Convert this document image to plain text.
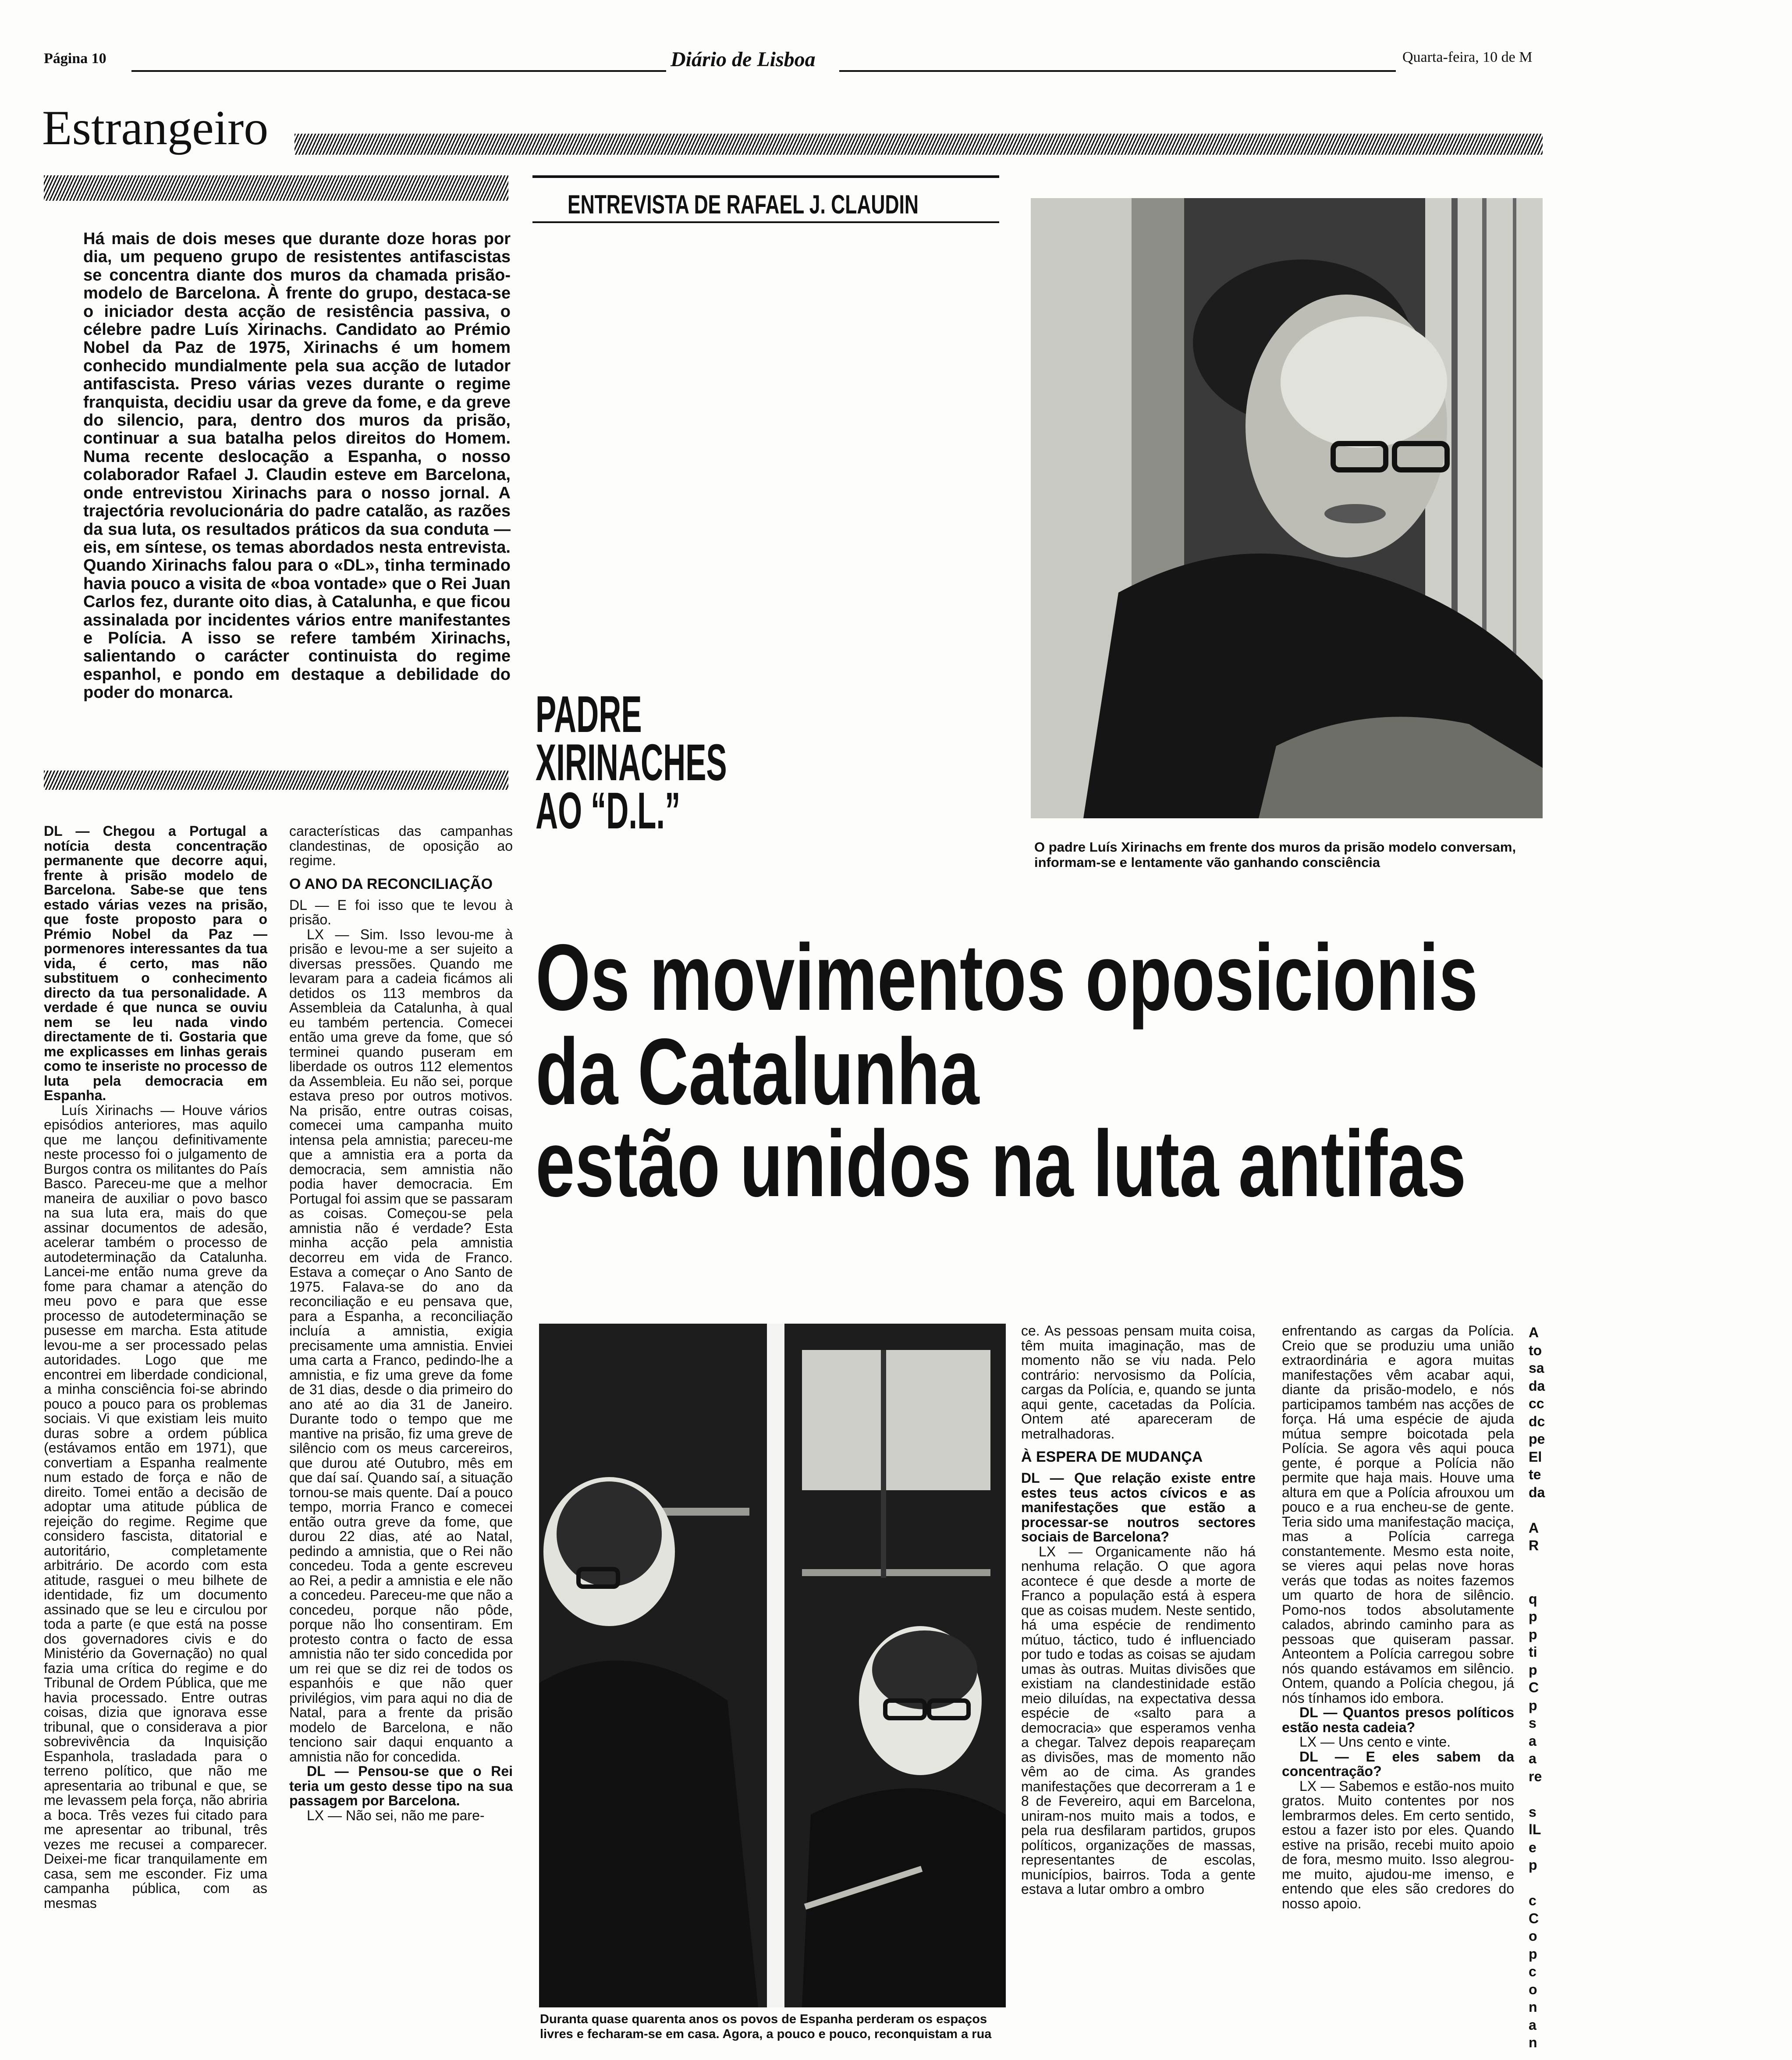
Página 10	Diário de Lisboa	Quarta-feira, 10 de M
Estrangeiro
Há mais de dois meses que durante doze horas por dia, um pequeno grupo de resistentes antifascistas se concentra diante dos muros da chamada prisão-modelo de Barcelona. À frente do grupo, destaca-se o iniciador desta acção de resistência passiva, o célebre padre Luís Xirinachs. Candidato ao Prémio Nobel da Paz de 1975, Xirinachs é um homem conhecido mundialmente pela sua acção de lutador antifascista. Preso várias vezes durante o regime franquista, decidiu usar da greve da fome, e da greve do silencio, para, dentro dos muros da prisão, continuar a sua batalha pelos direitos do Homem. Numa recente deslocação a Espanha, o nosso colaborador Rafael J. Claudin esteve em Barcelona, onde entrevistou Xirinachs para o nosso jornal. A trajectória revolucionária do padre catalão, as razões da sua luta, os resultados práticos da sua conduta — eis, em síntese, os temas abordados nesta entrevista. Quando Xirinachs falou para o «DL», tinha terminado havia pouco a visita de «boa vontade» que o Rei Juan Carlos fez, durante oito dias, à Catalunha, e que ficou assinalada por incidentes vários entre manifestantes e Polícia. A isso se refere também Xirinachs, salientando o carácter continuista do regime espanhol, e pondo em destaque a debilidade do poder do monarca.
ENTREVISTA DE RAFAEL J. CLAUDIN
PADRE
XIRINACHES
AO “D.L.”
O padre Luís Xirinachs em frente dos muros da prisão modelo conversam, informam-se e lentamente vão ganhando consciência
Os movimentos oposicionis
da Catalunha
estão unidos na luta antifas
Duranta quase quarenta anos os povos de Espanha perderam os espaços livres e fecharam-se em casa. Agora, a pouco e pouco, reconquistam a rua

DL — Chegou a Portugal a notícia desta concentração permanente que decorre aqui, frente à prisão modelo de Barcelona. Sabe-se que tens estado várias vezes na prisão, que foste proposto para o Prémio Nobel da Paz — pormenores interessantes da tua vida, é certo, mas não substituem o conhecimento directo da tua personalidade. A verdade é que nunca se ouviu nem se leu nada vindo directamente de ti. Gostaria que me explicasses em linhas gerais como te inseriste no processo de luta pela democracia em Espanha.

Luís Xirinachs — Houve vários episódios anteriores, mas aquilo que me lançou definitivamente neste processo foi o julgamento de Burgos contra os militantes do País Basco. Pareceu-me que a melhor maneira de auxiliar o povo basco na sua luta era, mais do que assinar documentos de adesão, acelerar também o processo de autodeterminação da Catalunha. Lancei-me então numa greve da fome para chamar a atenção do meu povo e para que esse processo de autodeterminação se pusesse em marcha. Esta atitude levou-me a ser processado pelas autoridades. Logo que me encontrei em liberdade condicional, a minha consciência foi-se abrindo pouco a pouco para os problemas sociais. Vi que existiam leis muito duras sobre a ordem pública (estávamos então em 1971), que convertiam a Espanha realmente num estado de força e não de direito. Tomei então a decisão de adoptar uma atitude pública de rejeição do regime. Regime que considero fascista, ditatorial e autoritário, completamente arbitrário. De acordo com esta atitude, rasguei o meu bilhete de identidade, fiz um documento assinado que se leu e circulou por toda a parte (e que está na posse dos governadores civis e do Ministério da Governação) no qual fazia uma crítica do regime e do Tribunal de Ordem Pública, que me havia processado. Entre outras coisas, dizia que ignorava esse tribunal, que o considerava a pior sobrevivência da Inquisição Espanhola, trasladada para o terreno político, que não me apresentaria ao tribunal e que, se me levassem pela força, não abriria a boca. Três vezes fui citado para me apresentar ao tribunal, três vezes me recusei a comparecer. Deixei-me ficar tranquilamente em casa, sem me esconder. Fiz uma campanha pública, com as mesmas

características das campanhas clandestinas, de oposição ao regime.

O ANO DA RECONCILIAÇÃO

DL — E foi isso que te levou à prisão.

LX — Sim. Isso levou-me à prisão e levou-me a ser sujeito a diversas pressões. Quando me levaram para a cadeia ficámos ali detidos os 113 membros da Assembleia da Catalunha, à qual eu também pertencia. Comecei então uma greve da fome, que só terminei quando puseram em liberdade os outros 112 elementos da Assembleia. Eu não sei, porque estava preso por outros motivos. Na prisão, entre outras coisas, comecei uma campanha muito intensa pela amnistia; pareceu-me que a amnistia era a porta da democracia, sem amnistia não podia haver democracia. Em Portugal foi assim que se passaram as coisas. Começou-se pela amnistia não é verdade? Esta minha acção pela amnistia decorreu em vida de Franco. Estava a começar o Ano Santo de 1975. Falava-se do ano da reconciliação e eu pensava que, para a Espanha, a reconciliação incluía a amnistia, exigia precisamente uma amnistia. Enviei uma carta a Franco, pedindo-lhe a amnistia, e fiz uma greve da fome de 31 dias, desde o dia primeiro do ano até ao dia 31 de Janeiro. Durante todo o tempo que me mantive na prisão, fiz uma greve de silêncio com os meus carcereiros, que durou até Outubro, mês em que daí saí. Quando saí, a situação tornou-se mais quente. Daí a pouco tempo, morria Franco e comecei então outra greve da fome, que durou 22 dias, até ao Natal, pedindo a amnistia, que o Rei não concedeu. Toda a gente escreveu ao Rei, a pedir a amnistia e ele não a concedeu. Pareceu-me que não a concedeu, porque não pôde, porque não lho consentiram. Em protesto contra o facto de essa amnistia não ter sido concedida por um rei que se diz rei de todos os espanhóis e que não quer privilégios, vim para aqui no dia de Natal, para a frente da prisão modelo de Barcelona, e não tenciono sair daqui enquanto a amnistia não for concedida.

DL — Pensou-se que o Rei teria um gesto desse tipo na sua passagem por Barcelona.

LX — Não sei, não me pare-

ce. As pessoas pensam muita coisa, têm muita imaginação, mas de momento não se viu nada. Pelo contrário: nervosismo da Polícia, cargas da Polícia, e, quando se junta aqui gente, cacetadas da Polícia. Ontem até apareceram de metralhadoras.

À ESPERA DE MUDANÇA

DL — Que relação existe entre estes teus actos cívicos e as manifestações que estão a processar-se noutros sectores sociais de Barcelona?

LX — Organicamente não há nenhuma relação. O que agora acontece é que desde a morte de Franco a população está à espera que as coisas mudem. Neste sentido, há uma espécie de rendimento mútuo, táctico, tudo é influenciado por tudo e todas as coisas se ajudam umas às outras. Muitas divisões que existiam na clandestinidade estão meio diluídas, na expectativa dessa espécie de «salto para a democracia» que esperamos venha a chegar. Talvez depois reapareçam as divisões, mas de momento não vêm ao de cima. As grandes manifestações que decorreram a 1 e 8 de Fevereiro, aqui em Barcelona, uniram-nos muito mais a todos, e pela rua desfilaram partidos, grupos políticos, organizações de massas, representantes de escolas, municípios, bairros. Toda a gente estava a lutar ombro a ombro

enfrentando as cargas da Polícia. Creio que se produziu uma união extraordinária e agora muitas manifestações vêm acabar aqui, diante da prisão-modelo, e nós participamos também nas acções de força. Há uma espécie de ajuda mútua sempre boicotada pela Polícia. Se agora vês aqui pouca gente, é porque a Polícia não permite que haja mais. Houve uma altura em que a Polícia afrouxou um pouco e a rua encheu-se de gente. Teria sido uma manifestação maciça, mas a Polícia carrega constantemente. Mesmo esta noite, se vieres aqui pelas nove horas verás que todas as noites fazemos um quarto de hora de silêncio. Pomo-nos todos absolutamente calados, abrindo caminho para as pessoas que quiseram passar. Anteontem a Polícia carregou sobre nós quando estávamos em silêncio. Ontem, quando a Polícia chegou, já nós tínhamos ido embora.

DL — Quantos presos políticos estão nesta cadeia?

LX — Uns cento e vinte.

DL — E eles sabem da concentração?

LX — Sabemos e estão-nos muito gratos. Muito contentes por nos lembrarmos deles. Em certo sentido, estou a fazer isto por eles. Quando estive na prisão, recebi muito apoio de fora, mesmo muito. Isso alegrou-me muito, ajudou-me imenso, e entendo que eles são credores do nosso apoio.

A
to
sa
da
cc
dc
pe
El
te
da

A
R

q
p
p
ti
p
C
p
s
a
a
re

s
lL
e
p

c
C
o
p
c
o
n
a
n
